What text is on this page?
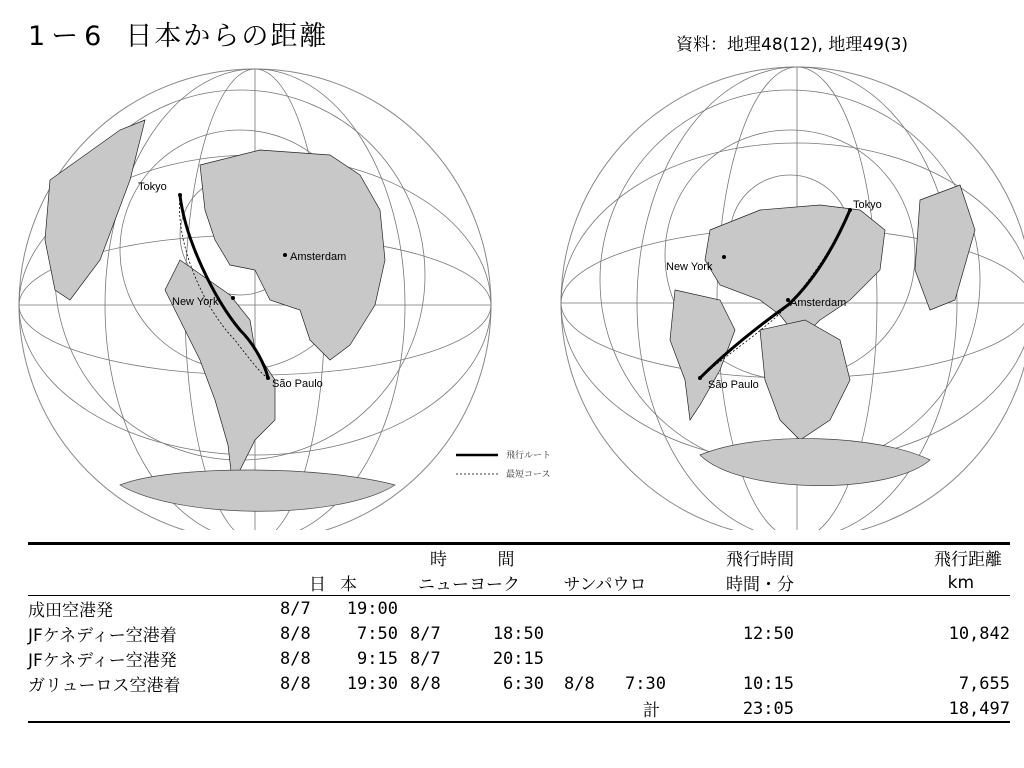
1ー6 日本からの距離	資料：地理48(12), 地理49(3)
Tokyo
Amsterdam
New York
São Paulo
Tokyo
Amsterdam
New York
São Paulo
飛行ルート
最短コース
			時	間			飛行時間	飛行距離
	日	本	ニューヨーク		サンパウロ		時間・分	km
成田空港発	8/7	19:00						
JFケネディー空港着	8/8	7:50	8/7	18:50			12:50	10,842
JFケネディー空港発	8/8	9:15	8/7	20:15				
ガリューロス空港着	8/8	19:30	8/8	6:30	8/8	7:30	10:15	7,655
						計	23:05	18,497
